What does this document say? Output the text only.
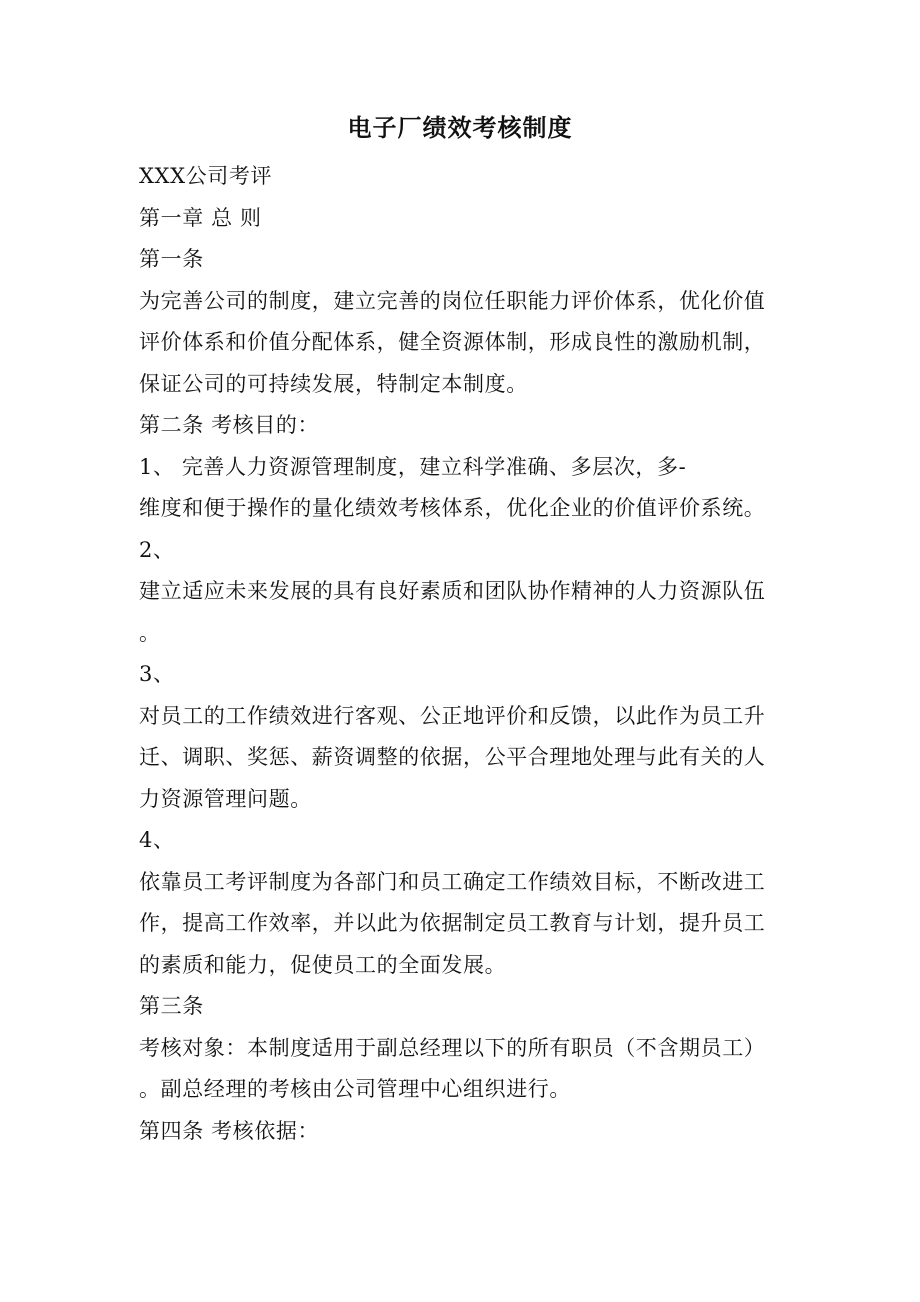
电子厂绩效考核制度
XXX公司考评
第一章 总 则
第一条
为完善公司的制度，建立完善的岗位任职能力评价体系，优化价值
评价体系和价值分配体系，健全资源体制，形成良性的激励机制，
保证公司的可持续发展，特制定本制度。
第二条 考核目的：
1、 完善人力资源管理制度，建立科学准确、多层次，多-
维度和便于操作的量化绩效考核体系，优化企业的价值评价系统。
2、
建立适应未来发展的具有良好素质和团队协作精神的人力资源队伍
。
3、
对员工的工作绩效进行客观、公正地评价和反馈，以此作为员工升
迁、调职、奖惩、薪资调整的依据，公平合理地处理与此有关的人
力资源管理问题。
4、
依靠员工考评制度为各部门和员工确定工作绩效目标，不断改进工
作，提高工作效率，并以此为依据制定员工教育与计划，提升员工
的素质和能力，促使员工的全面发展。
第三条
考核对象：本制度适用于副总经理以下的所有职员（不含期员工）
。副总经理的考核由公司管理中心组织进行。
第四条 考核依据：
